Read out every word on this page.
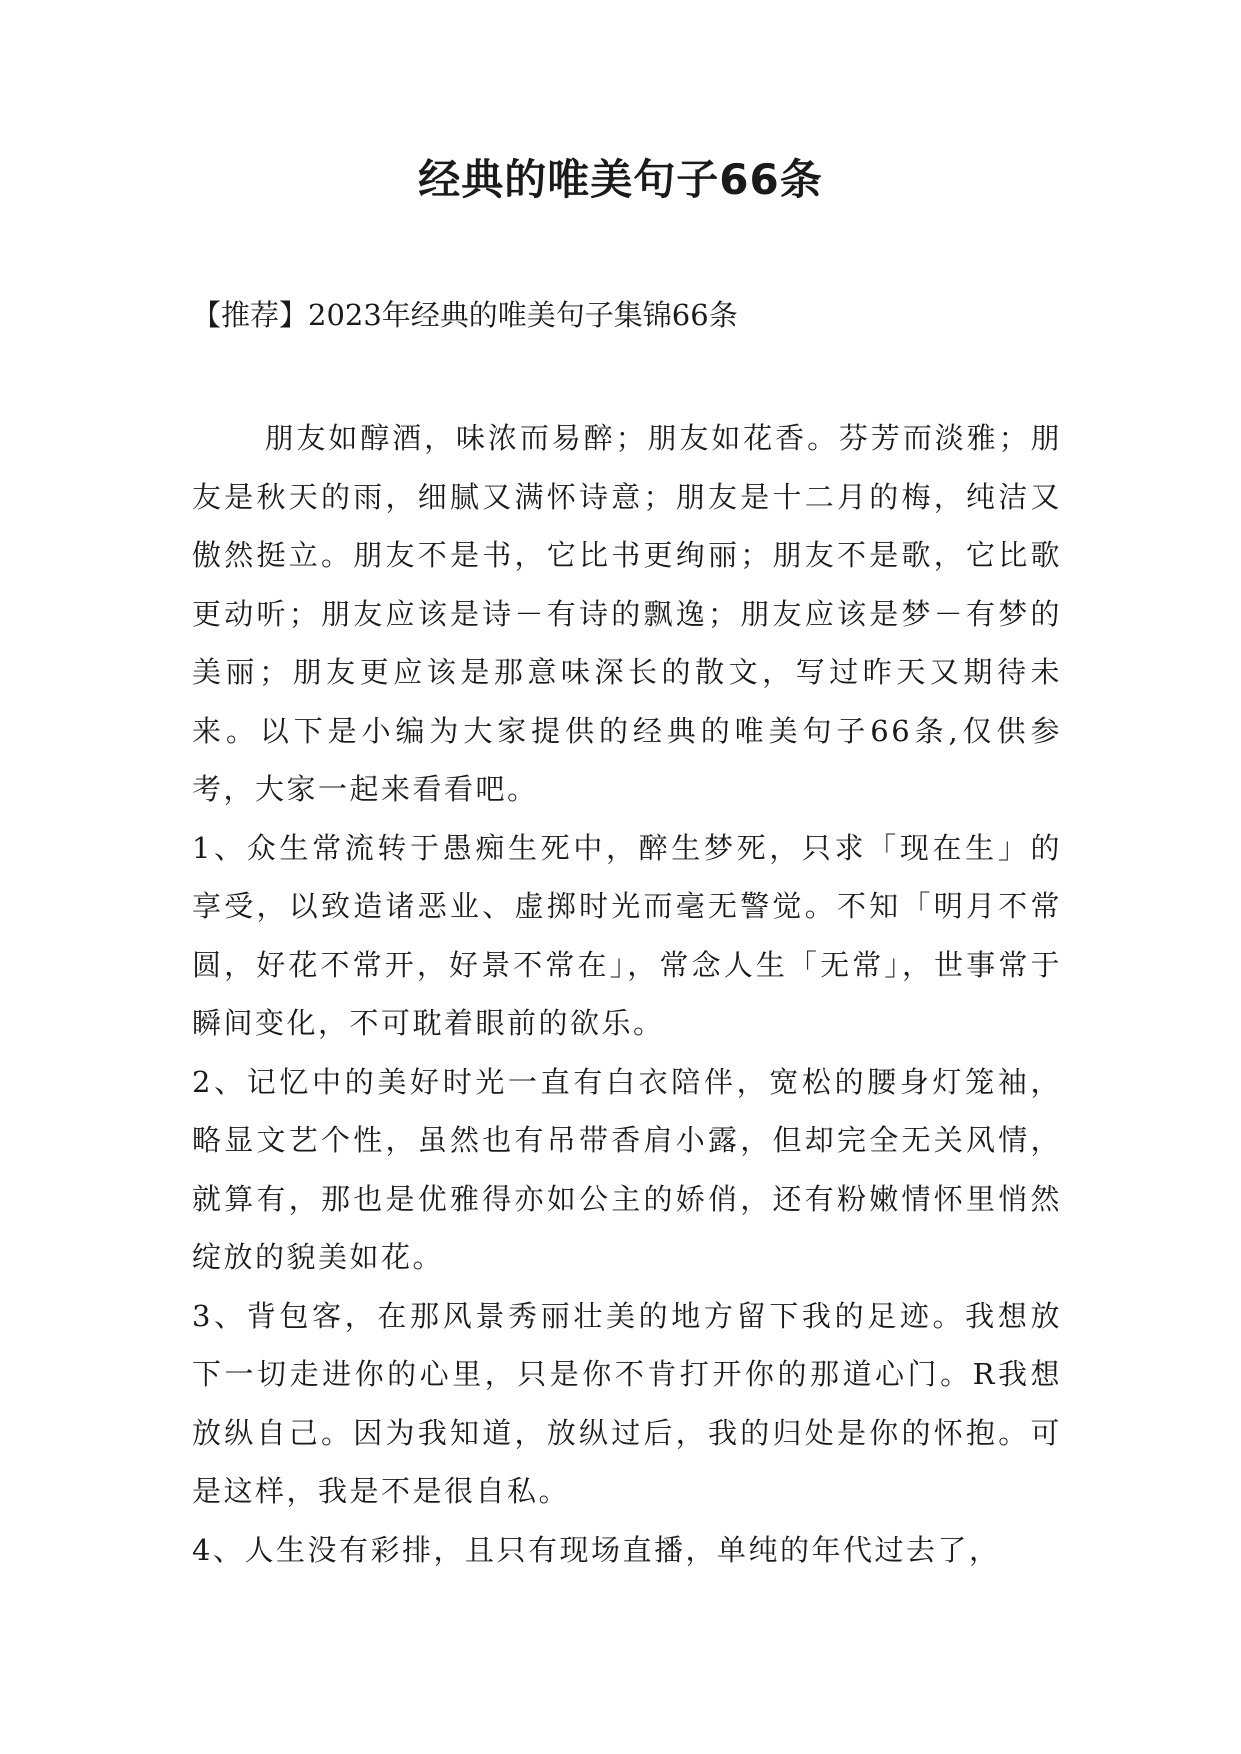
经典的唯美句子66条

【推荐】2023年经典的唯美句子集锦66条

朋友如醇酒，味浓而易醉；朋友如花香。芬芳而淡雅；朋友是秋天的雨，细腻又满怀诗意；朋友是十二月的梅，纯洁又傲然挺立。朋友不是书，它比书更绚丽；朋友不是歌，它比歌更动听；朋友应该是诗－有诗的飘逸；朋友应该是梦－有梦的美丽；朋友更应该是那意味深长的散文，写过昨天又期待未来。以下是小编为大家提供的经典的唯美句子66条,仅供参考，大家一起来看看吧。

1、众生常流转于愚痴生死中，醉生梦死，只求「现在生」的享受，以致造诸恶业、虚掷时光而毫无警觉。不知「明月不常圆，好花不常开，好景不常在」，常念人生「无常」，世事常于瞬间变化，不可耽着眼前的欲乐。

2、记忆中的美好时光一直有白衣陪伴，宽松的腰身灯笼袖，略显文艺个性，虽然也有吊带香肩小露，但却完全无关风情，就算有，那也是优雅得亦如公主的娇俏，还有粉嫩情怀里悄然绽放的貌美如花。

3、背包客，在那风景秀丽壮美的地方留下我的足迹。我想放下一切走进你的心里，只是你不肯打开你的那道心门。R我想放纵自己。因为我知道，放纵过后，我的归处是你的怀抱。可是这样，我是不是很自私。

4、人生没有彩排，且只有现场直播，单纯的年代过去了，
